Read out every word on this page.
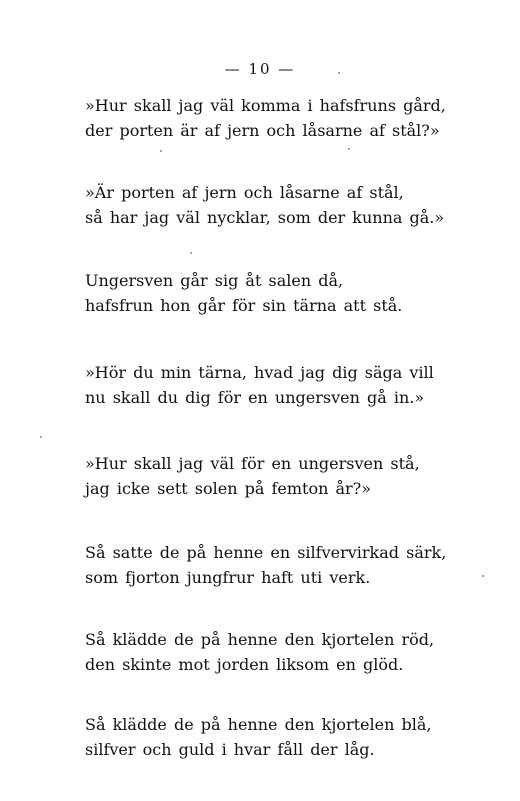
— 10 —
»Hur skall jag väl komma i hafsfruns gård,
der porten är af jern och låsarne af stål?»
»Är porten af jern och låsarne af stål,
så har jag väl nycklar, som der kunna gå.»
Ungersven går sig åt salen då,
hafsfrun hon går för sin tärna att stå.
»Hör du min tärna, hvad jag dig säga vill
nu skall du dig för en ungersven gå in.»
»Hur skall jag väl för en ungersven stå,
jag icke sett solen på femton år?»
Så satte de på henne en silfvervirkad särk,
som fjorton jungfrur haft uti verk.
Så klädde de på henne den kjortelen röd,
den skinte mot jorden liksom en glöd.
Så klädde de på henne den kjortelen blå,
silfver och guld i hvar fåll der låg.
